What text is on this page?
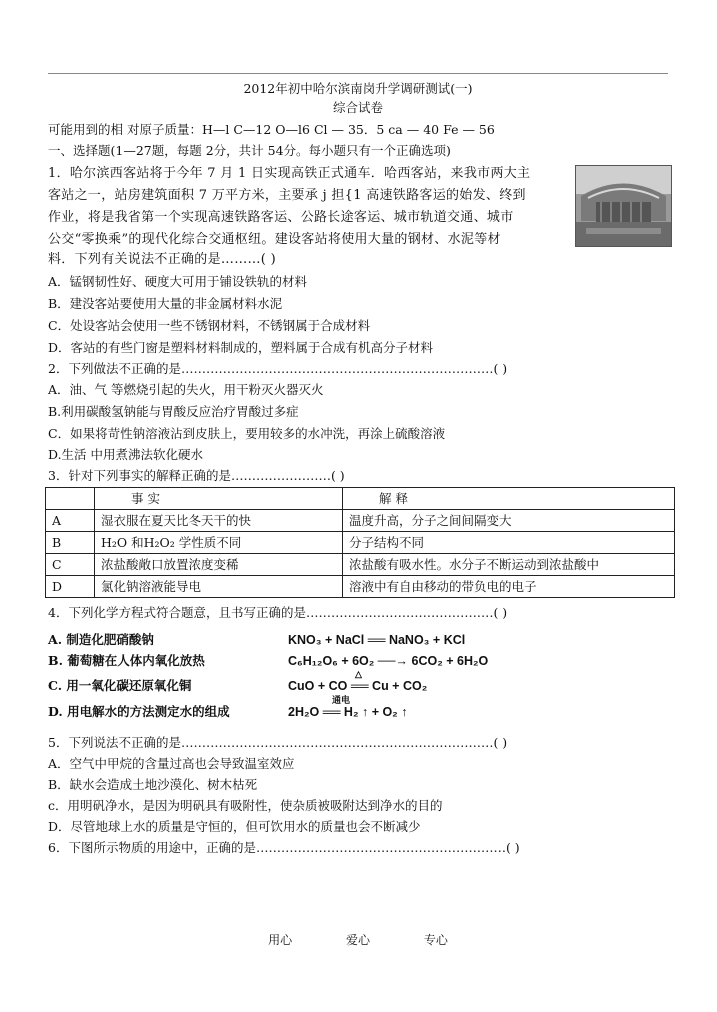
2012年初中哈尔滨南岗升学调研测试(一)
综合试卷
可能用到的相 对原子质量：H—l C—12 O—l6 Cl — 35．5 ca — 40 Fe — 56
一、选择题(1—27题，每题 2分，共计 54分。每小题只有一个正确选项)
1．哈尔滨西客站将于今年 7 月 1 日实现高铁正式通车．哈西客站，来我市两大主
客站之一，站房建筑面积 7 万平方米，主要承 j 担{1 高速铁路客运的始发、终到
作业，将是我省第一个实现高速铁路客运、公路长途客运、城市轨道交通、城市
公交“零换乘”的现代化综合交通枢纽。建设客站将使用大量的钢材、水泥等材
料．下列有关说法不正确的是………( )
A．锰钢韧性好、硬度大可用于铺设铁轨的材料
B．建没客站要使用大量的非金属材料水泥
C．处设客站会使用一些不锈钢材料，不锈钢属于合成材料
D．客站的有些门窗是塑料材料制成的，塑料属于合成有机高分子材料
2．下列做法不正确的是…………………………………………………………………( )
A．油、气 等燃烧引起的失火，用干粉灭火器灭火
B.利用碳酸氢钠能与胃酸反应治疗胃酸过多症
C．如果将苛性钠溶液沾到皮肤上，要用较多的水冲洗，再涂上硫酸溶液
D.生活 中用煮沸法软化硬水
3．针对下列事实的解释正确的是……………………( )
	事 实	解 释
A	湿衣服在夏天比冬天干的快	温度升高，分子之间间隔变大
B	H₂O 和H₂O₂ 学性质不同	分子结构不同
C	浓盐酸敞口放置浓度变稀	浓盐酸有吸水性。水分子不断运动到浓盐酸中
D	氯化钠溶液能导电	溶液中有自由移动的带负电的电子
4．下列化学方程式符合题意，且书写正确的是………………………………………( )
A. 制造化肥硝酸钠	KNO₃ + NaCl ══ NaNO₃ + KCl
B. 葡萄糖在人体内氧化放热	C₆H₁₂O₆ + 6O₂ ──→ 6CO₂ + 6H₂O
△
C. 用一氧化碳还原氧化铜	CuO + CO ══ Cu + CO₂
通电
D. 用电解水的方法测定水的组成	2H₂O ══ H₂ ↑ + O₂ ↑
5．下列说法不正确的是…………………………………………………………………( )
A．空气中甲烷的含量过高也会导致温室效应
B．缺水会造成土地沙漠化、树木枯死
c．用明矾净水，是因为明矾具有吸附性，使杂质被吸附达到净水的目的
D．尽管地球上水的质量是守恒的，但可饮用水的质量也会不断减少
6．下图所示物质的用途中，正确的是……………………………………………………( )
用心	爱心	专心
